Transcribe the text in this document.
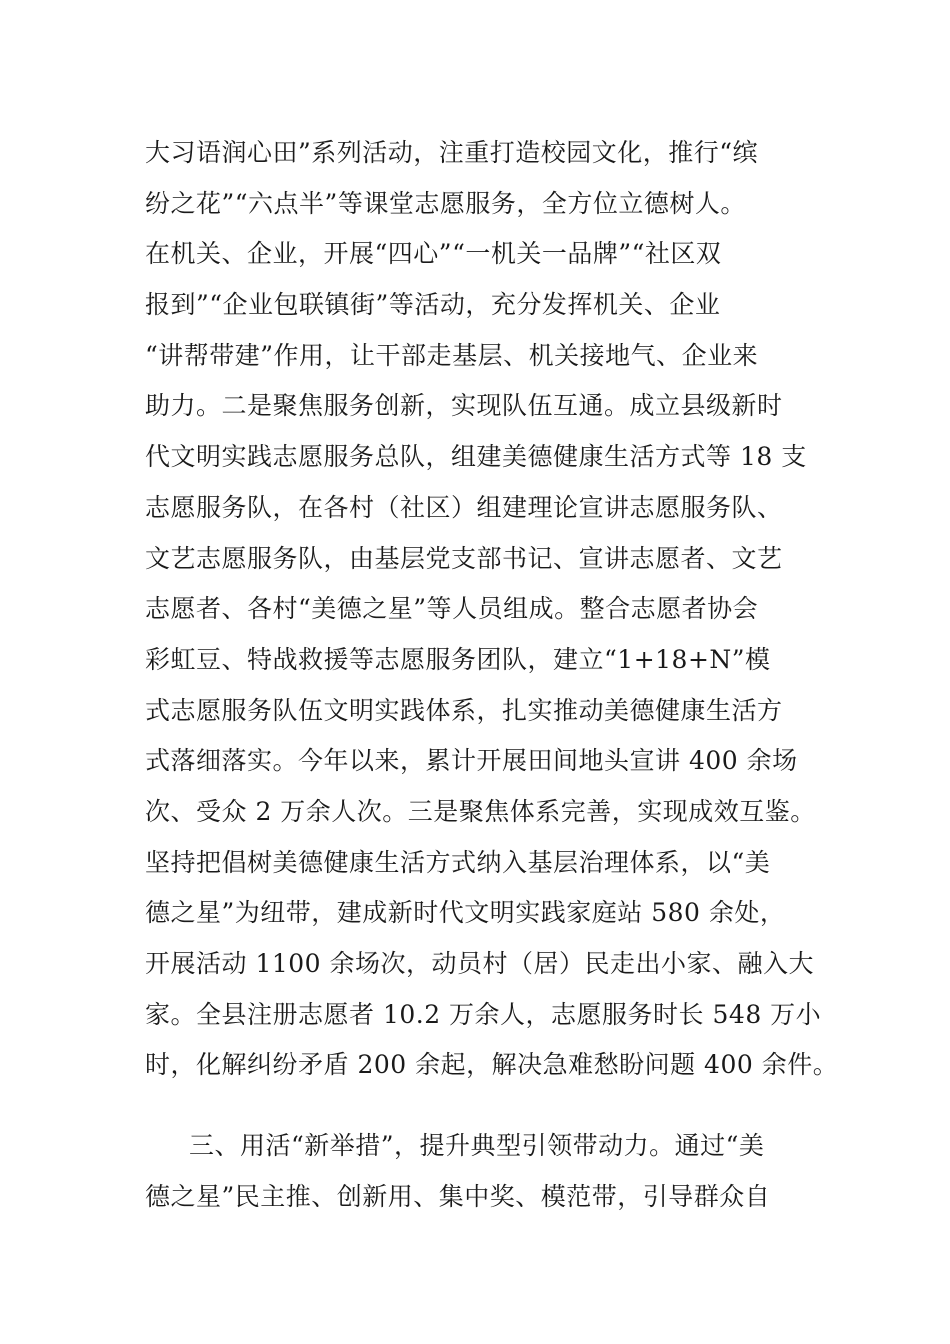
大习语润心田”系列活动，注重打造校园文化，推行“缤
纷之花”“六点半”等课堂志愿服务，全方位立德树人。
在机关、企业，开展“四心”“一机关一品牌”“社区双
报到”“企业包联镇街”等活动，充分发挥机关、企业
“讲帮带建”作用，让干部走基层、机关接地气、企业来
助力。二是聚焦服务创新，实现队伍互通。成立县级新时
代文明实践志愿服务总队，组建美德健康生活方式等 18 支
志愿服务队，在各村（社区）组建理论宣讲志愿服务队、
文艺志愿服务队，由基层党支部书记、宣讲志愿者、文艺
志愿者、各村“美德之星”等人员组成。整合志愿者协会
彩虹豆、特战救援等志愿服务团队，建立“1+18+N”模
式志愿服务队伍文明实践体系，扎实推动美德健康生活方
式落细落实。今年以来，累计开展田间地头宣讲 400 余场
次、受众 2 万余人次。三是聚焦体系完善，实现成效互鉴。
坚持把倡树美德健康生活方式纳入基层治理体系，以“美
德之星”为纽带，建成新时代文明实践家庭站 580 余处，
开展活动 1100 余场次，动员村（居）民走出小家、融入大
家。全县注册志愿者 10.2 万余人，志愿服务时长 548 万小
时，化解纠纷矛盾 200 余起，解决急难愁盼问题 400 余件。
三、用活“新举措”，提升典型引领带动力。通过“美
德之星”民主推、创新用、集中奖、模范带，引导群众自
